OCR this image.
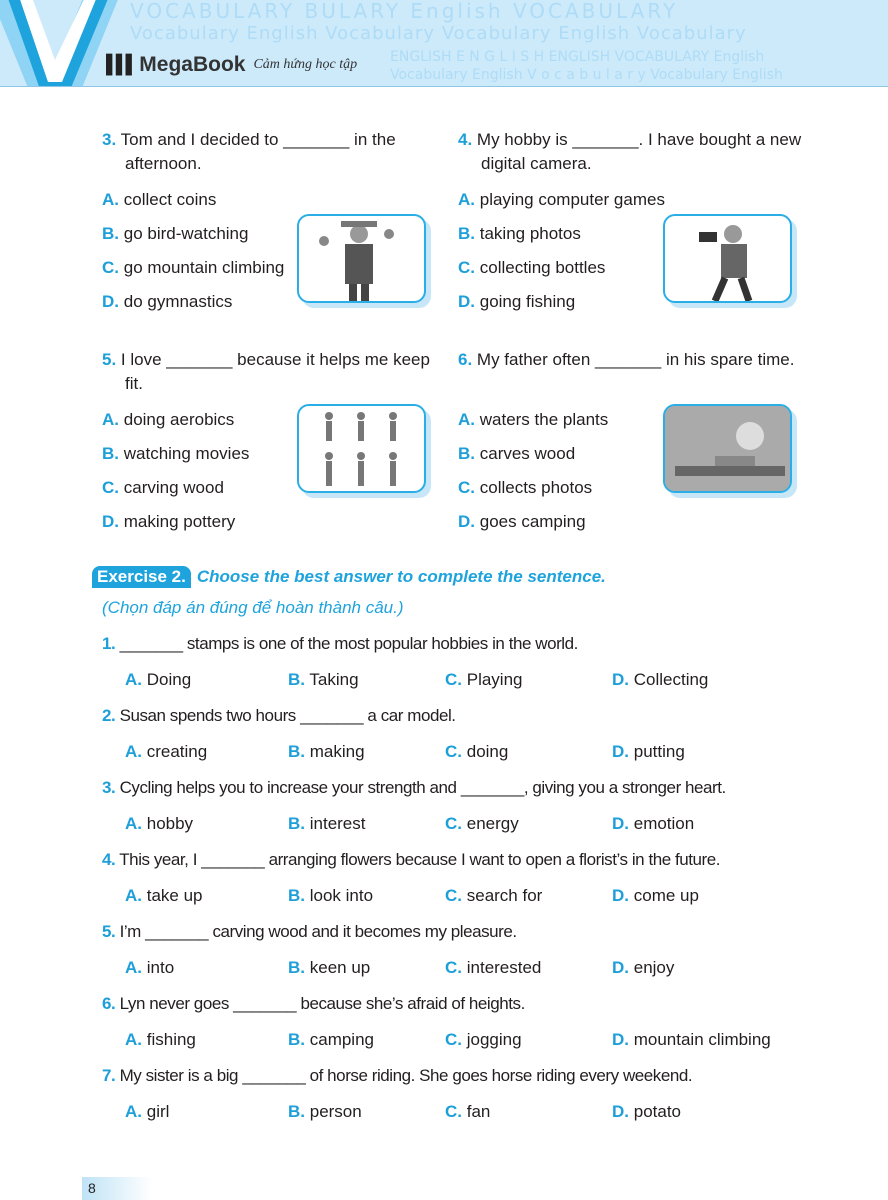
VOCABULARY BULARY English VOCABULARY
Vocabulary English Vocabulary Vocabulary English Vocabulary
ENGLISH E N G L I S H ENGLISH VOCABULARY English
Vocabulary English V o c a b u l a r y Vocabulary English
▌▌▌ MegaBook Cảm hứng học tập
3. Tom and I decided to _______ in the afternoon.
A. collect coins
B. go bird-watching
C. go mountain climbing
D. do gymnastics
4. My hobby is _______. I have bought a new digital camera.
A. playing computer games
B. taking photos
C. collecting bottles
D. going fishing
5. I love _______ because it helps me keep fit.
A. doing aerobics
B. watching movies
C. carving wood
D. making pottery
6. My father often _______ in his spare time.
A. waters the plants
B. carves wood
C. collects photos
D. goes camping
Exercise 2. Choose the best answer to complete the sentence.
(Chọn đáp án đúng để hoàn thành câu.)
1. _______ stamps is one of the most popular hobbies in the world.
A. Doing	B. Taking	C. Playing	D. Collecting
2. Susan spends two hours _______ a car model.
A. creating	B. making	C. doing	D. putting
3. Cycling helps you to increase your strength and _______, giving you a stronger heart.
A. hobby	B. interest	C. energy	D. emotion
4. This year, I _______ arranging flowers because I want to open a florist’s in the future.
A. take up	B. look into	C. search for	D. come up
5. I’m _______ carving wood and it becomes my pleasure.
A. into	B. keen up	C. interested	D. enjoy
6. Lyn never goes _______ because she’s afraid of heights.
A. fishing	B. camping	C. jogging	D. mountain climbing
7. My sister is a big _______ of horse riding. She goes horse riding every weekend.
A. girl	B. person	C. fan	D. potato
8
